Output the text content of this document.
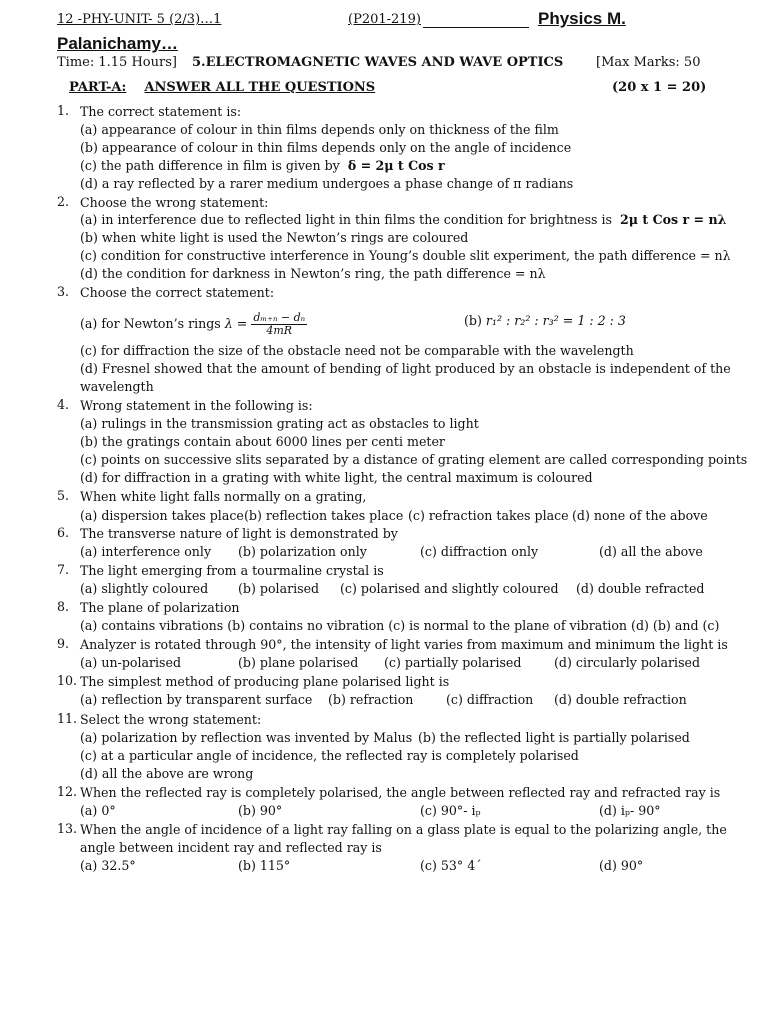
12 -PHY-UNIT- 5 (2/3)…1	(P201-219)	Physics M.
Palanichamy…
Time: 1.15 Hours] 5.ELECTROMAGNETIC WAVES AND WAVE OPTICS	[Max Marks: 50
PART-A: ANSWER ALL THE QUESTIONS	(20 x 1 = 20)
1. The correct statement is:
(a) appearance of colour in thin films depends only on thickness of the film
(b) appearance of colour in thin films depends only on the angle of incidence
(c) the path difference in film is given by δ = 2μ t Cos r
(d) a ray reflected by a rarer medium undergoes a phase change of π radians
2. Choose the wrong statement:
(a) in interference due to reflected light in thin films the condition for brightness is 2μ t Cos r = nλ
(b) when white light is used the Newton’s rings are coloured
(c) condition for constructive interference in Young’s double slit experiment, the path difference = nλ
(d) the condition for darkness in Newton’s ring, the path difference = nλ
3. Choose the correct statement:
(a) for Newton’s rings $\lambda = \frac{\text{dₘ₊ₙ − dₙ}}{4mR}$	(b) r₁² : r₂² : r₃² = 1 : 2 : 3
(c) for diffraction the size of the obstacle need not be comparable with the wavelength
(d) Fresnel showed that the amount of bending of light produced by an obstacle is independent of the
wavelength
4. Wrong statement in the following is:
(a) rulings in the transmission grating act as obstacles to light
(b) the gratings contain about 6000 lines per centi meter
(c) points on successive slits separated by a distance of grating element are called corresponding points
(d) for diffraction in a grating with white light, the central maximum is coloured
5. When white light falls normally on a grating,
(a) dispersion takes place (b) reflection takes place (c) refraction takes place (d) none of the above
6. The transverse nature of light is demonstrated by
(a) interference only (b) polarization only	(c) diffraction only	(d) all the above
7. The light emerging from a tourmaline crystal is
(a) slightly coloured (b) polarised (c) polarised and slightly coloured (d) double refracted
8. The plane of polarization
(a) contains vibrations (b) contains no vibration (c) is normal to the plane of vibration (d) (b) and (c)
9. Analyzer is rotated through 90°, the intensity of light varies from maximum and minimum the light is
(a) un-polarised	(b) plane polarised (c) partially polarised	(d) circularly polarised
10. The simplest method of producing plane polarised light is
(a) reflection by transparent surface (b) refraction	(c) diffraction (d) double refraction
11. Select the wrong statement:
(a) polarization by reflection was invented by Malus (b) the reflected light is partially polarised
(c) at a particular angle of incidence, the reflected ray is completely polarised
(d) all the above are wrong
12. When the reflected ray is completely polarised, the angle between reflected ray and refracted ray is
(a) 0°	(b) 90°	(c) 90°- iₚ	(d) iₚ- 90°
13. When the angle of incidence of a light ray falling on a glass plate is equal to the polarizing angle, the
angle between incident ray and reflected ray is
(a) 32.5°	(b) 115°	(c) 53° 4´	(d) 90°
